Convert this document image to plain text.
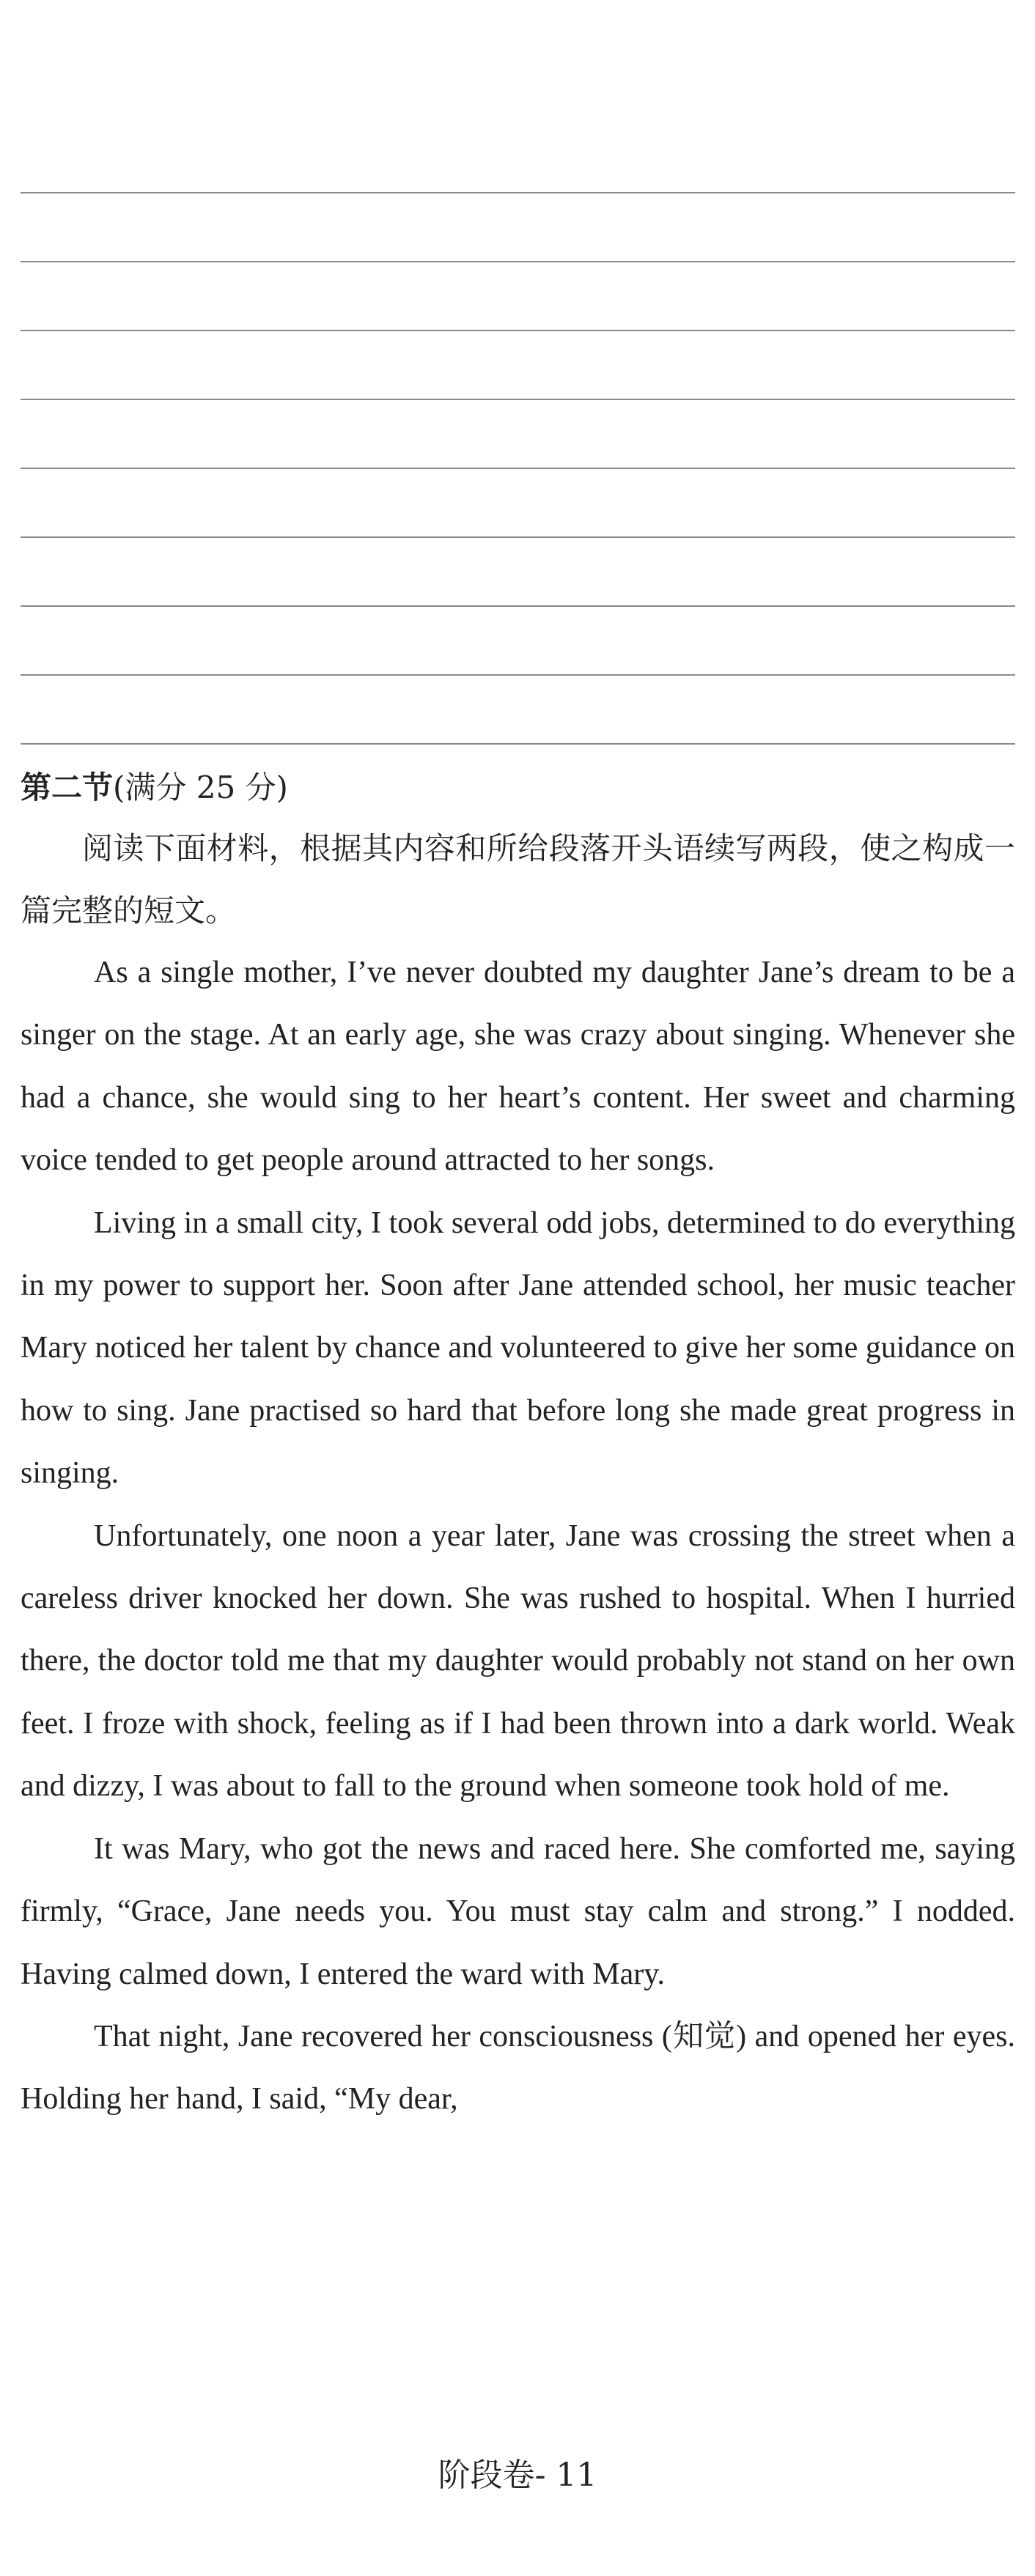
第二节(满分 25 分)

阅读下面材料，根据其内容和所给段落开头语续写两段，使之构成一篇完整的短文。

As a single mother, I’ve never doubted my daughter Jane’s dream to be a singer on the stage. At an early age, she was crazy about singing. Whenever she had a chance, she would sing to her heart’s content. Her sweet and charming voice tended to get people around attracted to her songs.

Living in a small city, I took several odd jobs, determined to do everything in my power to support her. Soon after Jane attended school, her music teacher Mary noticed her talent by chance and volunteered to give her some guidance on how to sing. Jane practised so hard that before long she made great progress in singing.

Unfortunately, one noon a year later, Jane was crossing the street when a careless driver knocked her down. She was rushed to hospital. When I hurried there, the doctor told me that my daughter would probably not stand on her own feet. I froze with shock, feeling as if I had been thrown into a dark world. Weak and dizzy, I was about to fall to the ground when someone took hold of me.

It was Mary, who got the news and raced here. She comforted me, saying firmly, “Grace, Jane needs you. You must stay calm and strong.” I nodded. Having calmed down, I entered the ward with Mary.

That night, Jane recovered her consciousness (知觉) and opened her eyes. Holding her hand, I said, “My dear,

阶段卷- 11
